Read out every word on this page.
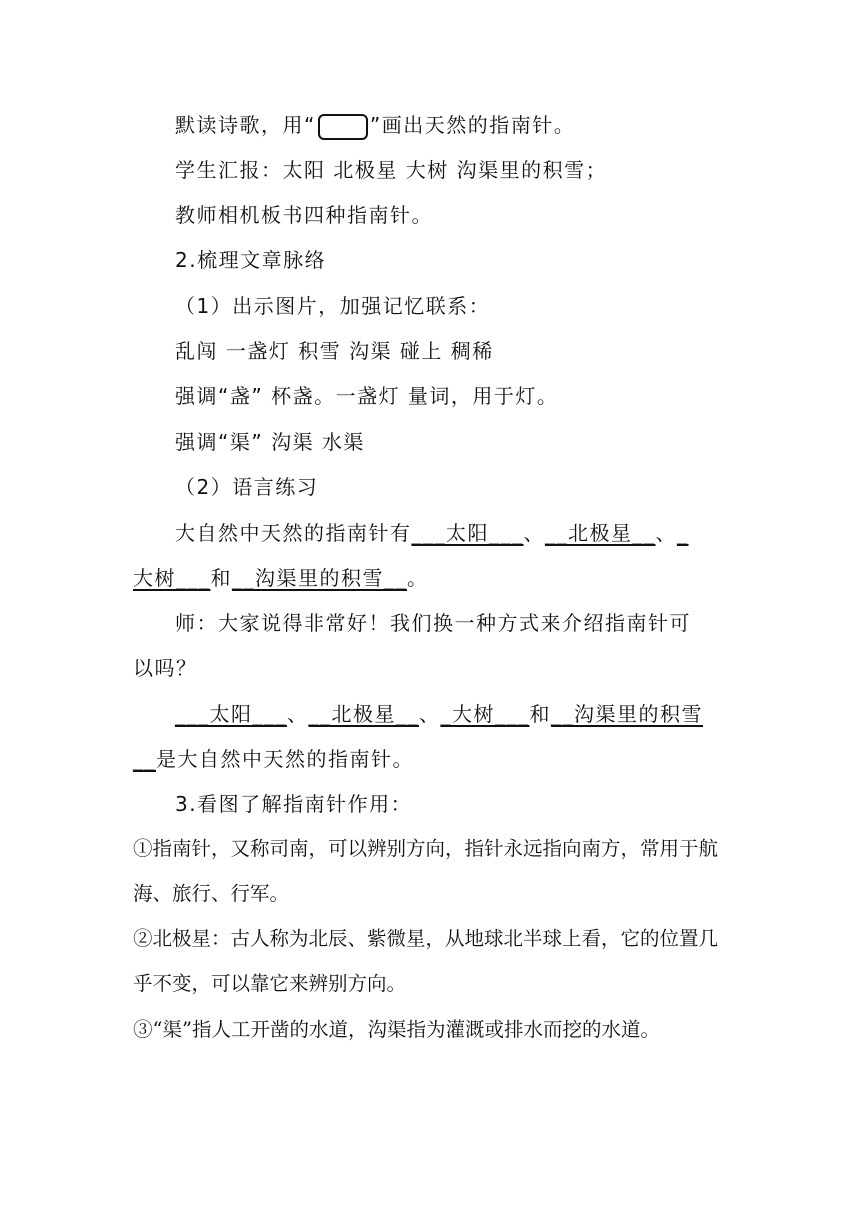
默读诗歌，用“	”画出天然的指南针。
学生汇报：太阳 北极星 大树 沟渠里的积雪；
教师相机板书四种指南针。
2.梳理文章脉络
（1）出示图片，加强记忆联系：
乱闯 一盏灯 积雪 沟渠 碰上 稠稀
强调“盏” 杯盏。一盏灯 量词，用于灯。
强调“渠” 沟渠 水渠
（2）语言练习
大自然中天然的指南针有___太阳___、__北极星__、_
大树___和__沟渠里的积雪__。
师：大家说得非常好！我们换一种方式来介绍指南针可
以吗？
___太阳___、__北极星__、_大树___和__沟渠里的积雪
__是大自然中天然的指南针。
3.看图了解指南针作用：
①指南针，又称司南，可以辨别方向，指针永远指向南方，常用于航
海、旅行、行军。
②北极星：古人称为北辰、紫微星，从地球北半球上看，它的位置几
乎不变，可以靠它来辨别方向。
③“渠”指人工开凿的水道，沟渠指为灌溉或排水而挖的水道。
